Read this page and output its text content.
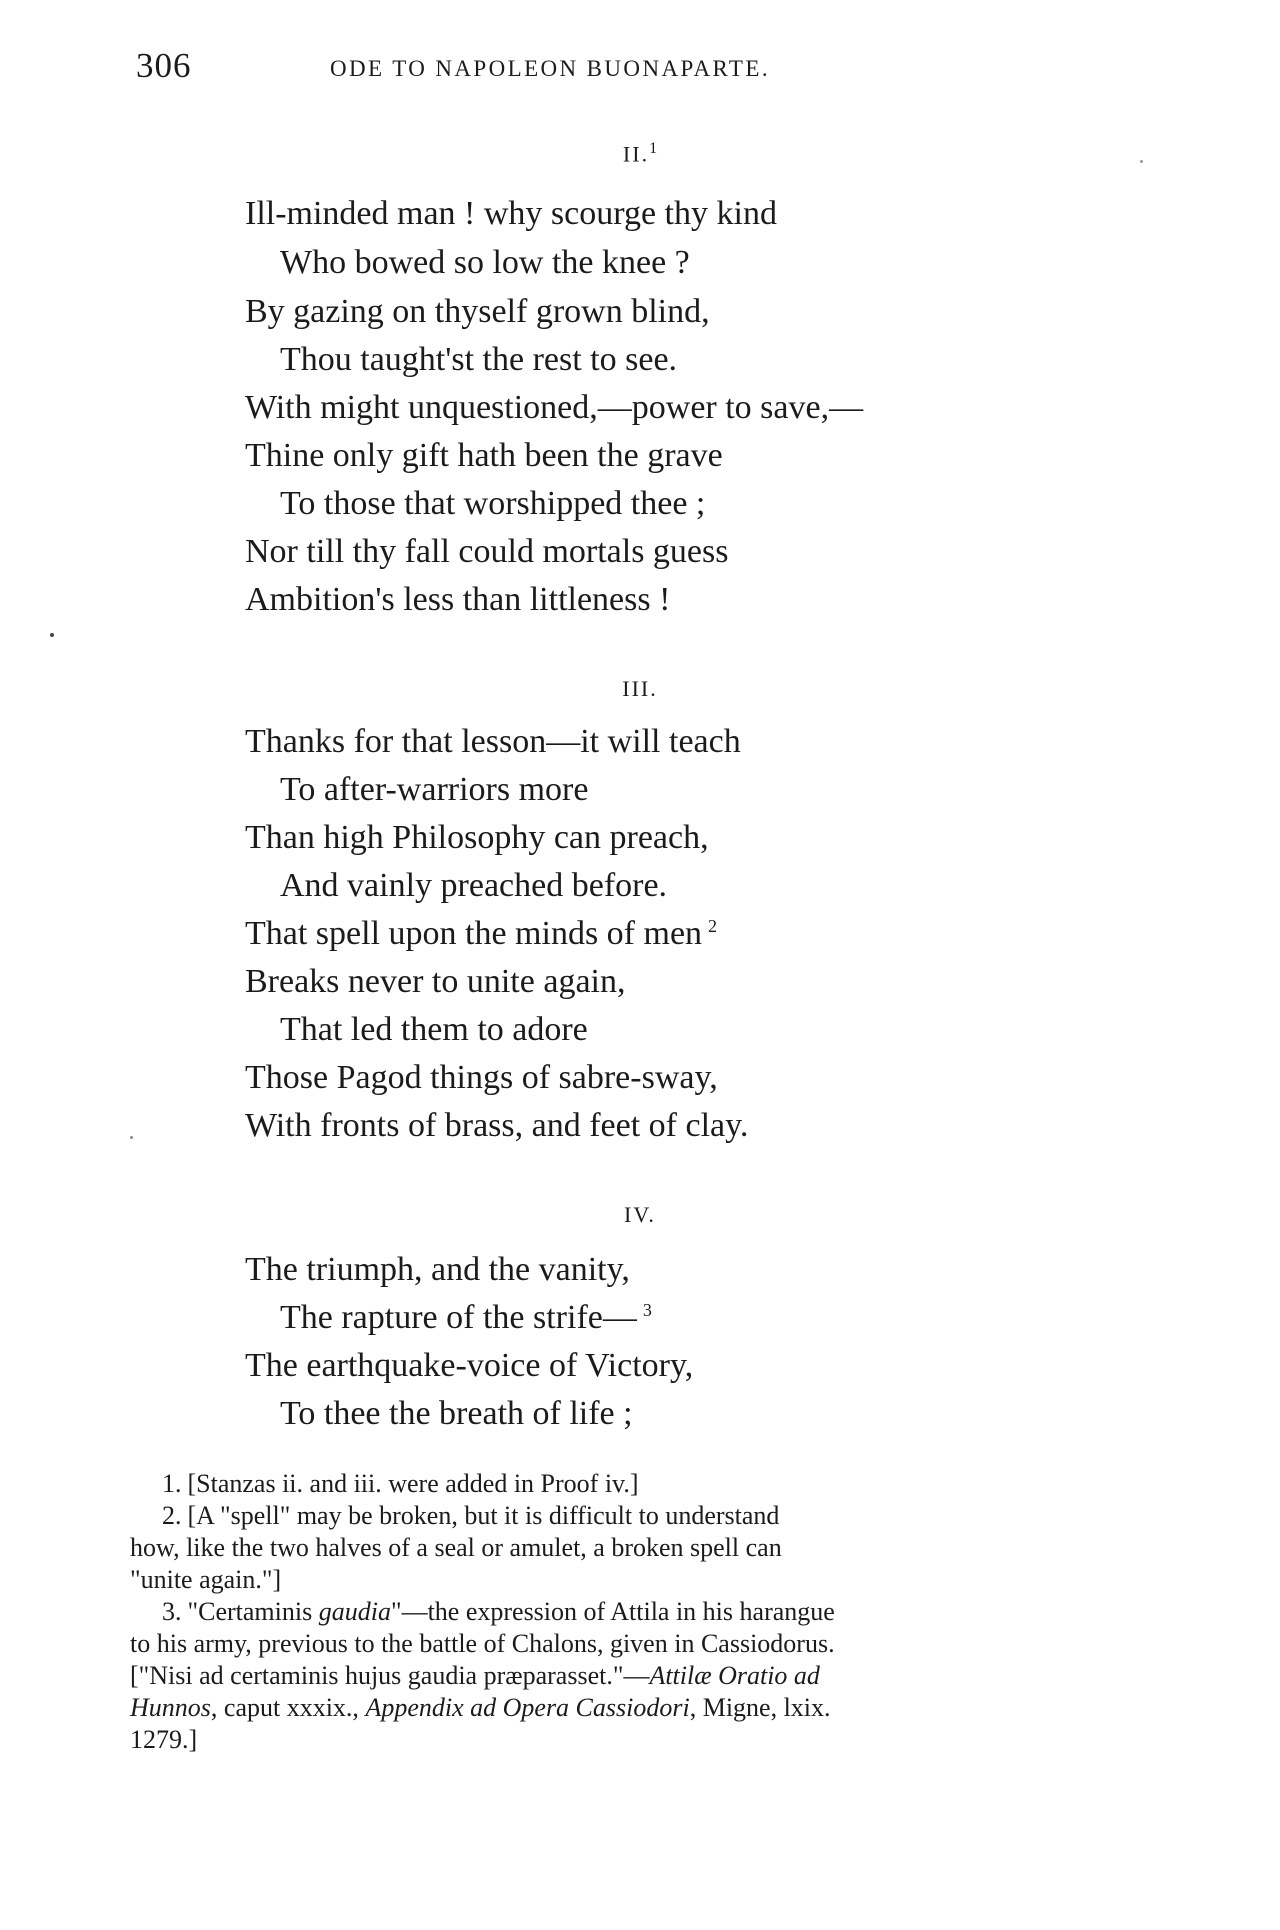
306	ODE TO NAPOLEON BUONAPARTE.
II.$^1$
Ill-minded man ! why scourge thy kind
Who bowed so low the knee ?
By gazing on thyself grown blind,
Thou taught'st the rest to see.
With might unquestioned,—power to save,—
Thine only gift hath been the grave
To those that worshipped thee ;
Nor till thy fall could mortals guess
Ambition's less than littleness !
III.
Thanks for that lesson—it will teach
To after-warriors more
Than high Philosophy can preach,
And vainly preached before.
That spell upon the minds of men $^2$
Breaks never to unite again,
That led them to adore
Those Pagod things of sabre-sway,
With fronts of brass, and feet of clay.
IV.
The triumph, and the vanity,
The rapture of the strife— $^3$
The earthquake-voice of Victory,
To thee the breath of life ;

1. [Stanzas ii. and iii. were added in Proof iv.]

2. [A "spell" may be broken, but it is difficult to understand
how, like the two halves of a seal or amulet, a broken spell can
"unite again."]

3. "Certaminis gaudia"—the expression of Attila in his harangue
to his army, previous to the battle of Chalons, given in Cassiodorus.
["Nisi ad certaminis hujus gaudia præparasset."—Attilæ Oratio ad
Hunnos, caput xxxix., Appendix ad Opera Cassiodori, Migne, lxix.
1279.]
